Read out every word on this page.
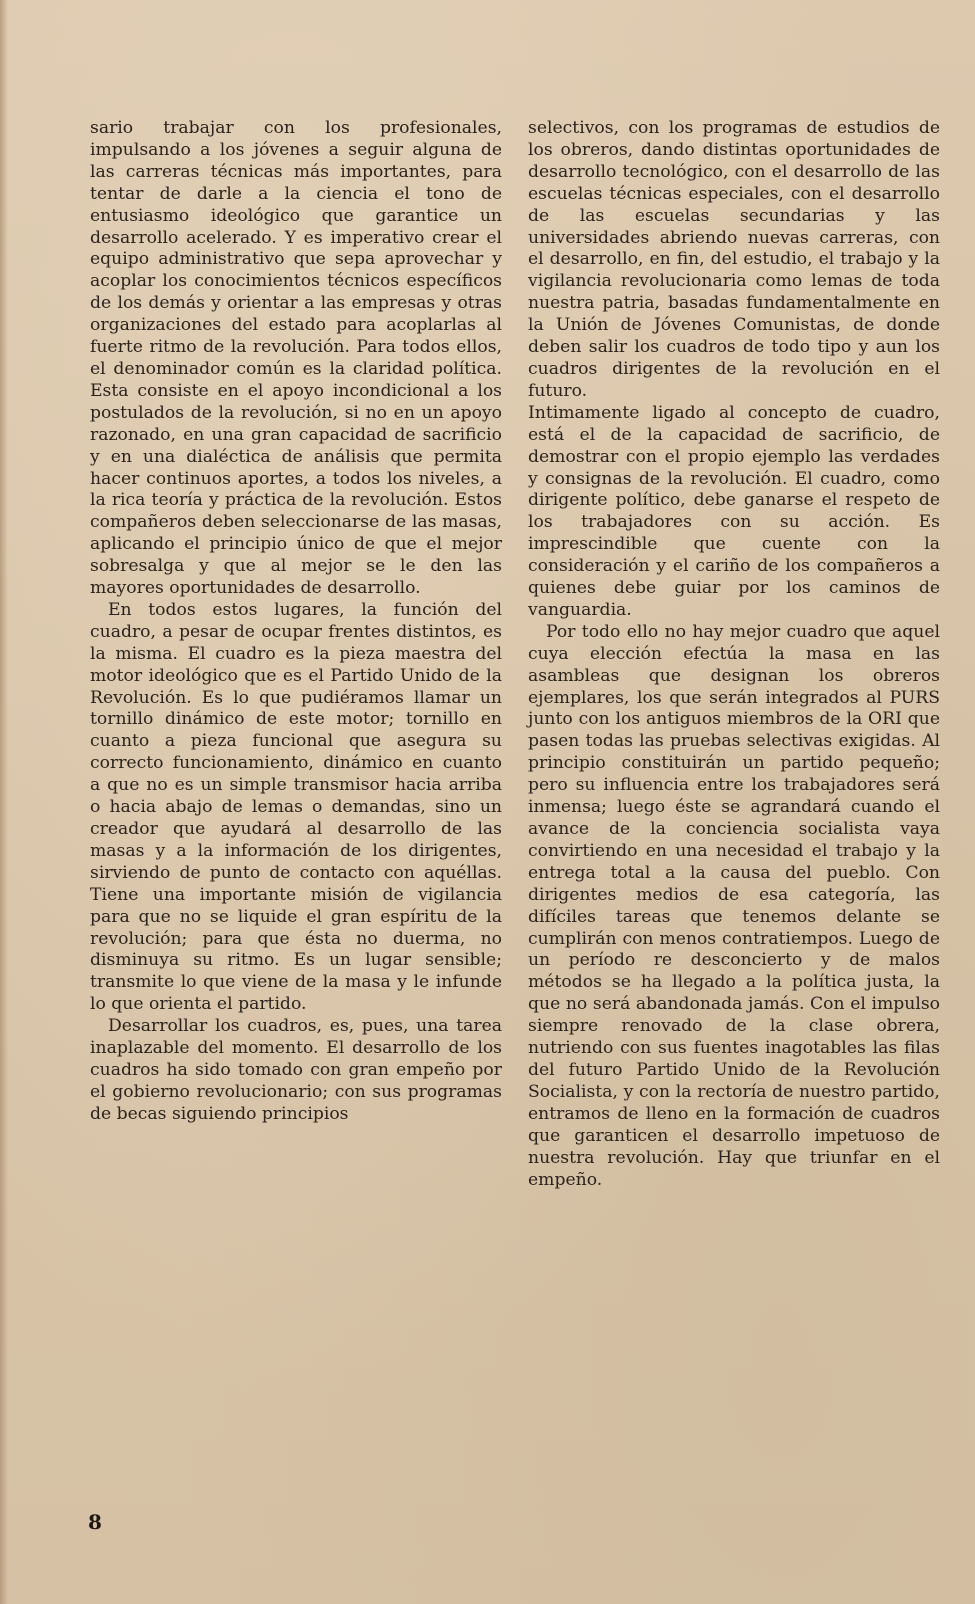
sario trabajar con los profesionales, impulsando a los jóvenes a seguir alguna de las carreras técnicas más importantes, para tentar de darle a la ciencia el tono de entusiasmo ideológico que garantice un desarrollo acelerado. Y es imperativo crear el equipo administrativo que sepa aprovechar y acoplar los conocimientos técnicos específicos de los demás y orientar a las empresas y otras organizaciones del estado para acoplarlas al fuerte ritmo de la revolución. Para todos ellos, el denominador común es la claridad política. Esta consiste en el apoyo incondicional a los postulados de la revolución, si no en un apoyo razonado, en una gran capacidad de sacrificio y en una dialéctica de análisis que permita hacer continuos aportes, a todos los niveles, a la rica teoría y práctica de la revolución. Estos compañeros deben seleccionarse de las masas, aplicando el principio único de que el mejor sobresalga y que al mejor se le den las mayores oportunidades de desarrollo.

En todos estos lugares, la función del cuadro, a pesar de ocupar frentes distintos, es la misma. El cuadro es la pieza maestra del motor ideológico que es el Partido Unido de la Revolución. Es lo que pudiéramos llamar un tornillo dinámico de este motor; tornillo en cuanto a pieza funcional que asegura su correcto funcionamiento, dinámico en cuanto a que no es un simple transmisor hacia arriba o hacia abajo de lemas o demandas, sino un creador que ayudará al desarrollo de las masas y a la información de los dirigentes, sirviendo de punto de contacto con aquéllas. Tiene una importante misión de vigilancia para que no se liquide el gran espíritu de la revolución; para que ésta no duerma, no disminuya su ritmo. Es un lugar sensible; transmite lo que viene de la masa y le infunde lo que orienta el partido.

Desarrollar los cuadros, es, pues, una tarea inaplazable del momento. El desarrollo de los cuadros ha sido tomado con gran empeño por el gobierno revolucionario; con sus programas de becas siguiendo principios

selectivos, con los programas de estudios de los obreros, dando distintas oportunidades de desarrollo tecnológico, con el desarrollo de las escuelas técnicas especiales, con el desarrollo de las escuelas secundarias y las universidades abriendo nuevas carreras, con el desarrollo, en fin, del estudio, el trabajo y la vigilancia revolucionaria como lemas de toda nuestra patria, basadas fundamentalmente en la Unión de Jóvenes Comunistas, de donde deben salir los cuadros de todo tipo y aun los cuadros dirigentes de la revolución en el futuro.

Intimamente ligado al concepto de cuadro, está el de la capacidad de sacrificio, de demostrar con el propio ejemplo las verdades y consignas de la revolución. El cuadro, como dirigente político, debe ganarse el respeto de los trabajadores con su acción. Es imprescindible que cuente con la consideración y el cariño de los compañeros a quienes debe guiar por los caminos de vanguardia.

Por todo ello no hay mejor cuadro que aquel cuya elección efectúa la masa en las asambleas que designan los obreros ejemplares, los que serán integrados al PURS junto con los antiguos miembros de la ORI que pasen todas las pruebas selectivas exigidas. Al principio constituirán un partido pequeño; pero su influencia entre los trabajadores será inmensa; luego éste se agrandará cuando el avance de la conciencia socialista vaya convirtiendo en una necesidad el trabajo y la entrega total a la causa del pueblo. Con dirigentes medios de esa categoría, las difíciles tareas que tenemos delante se cumplirán con menos contratiempos. Luego de un período re desconcierto y de malos métodos se ha llegado a la política justa, la que no será abandonada jamás. Con el impulso siempre renovado de la clase obrera, nutriendo con sus fuentes inagotables las filas del futuro Partido Unido de la Revolución Socialista, y con la rectoría de nuestro partido, entramos de lleno en la formación de cuadros que garanticen el desarrollo impetuoso de nuestra revolución. Hay que triunfar en el empeño.

8
